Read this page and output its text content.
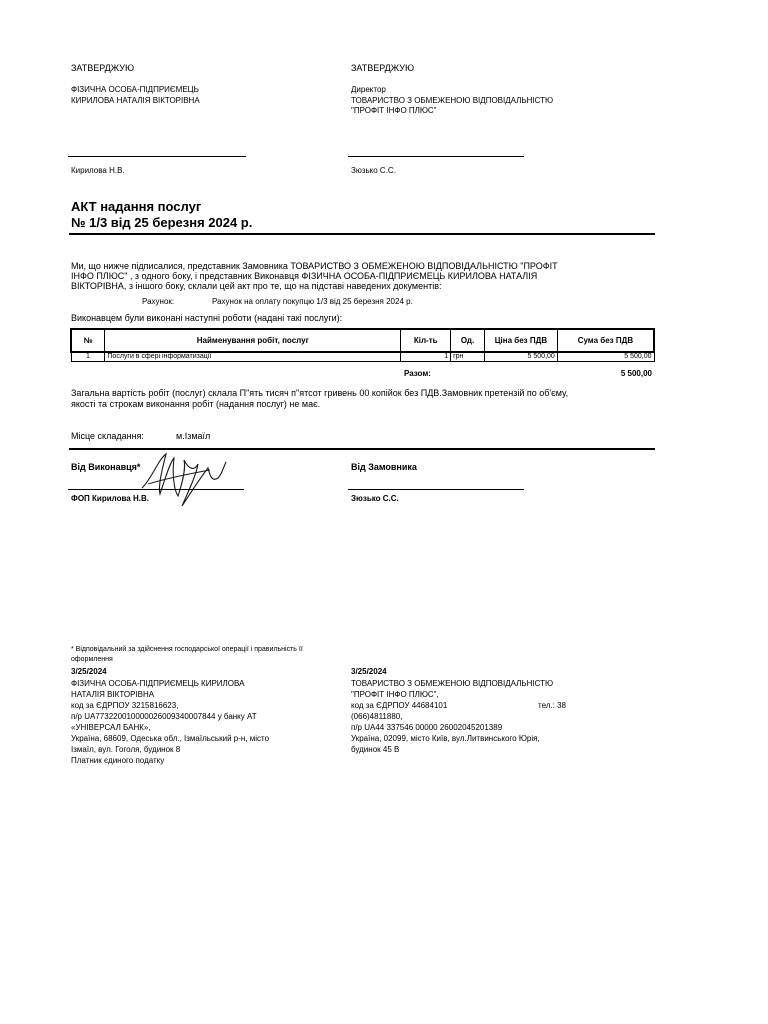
ЗАТВЕРДЖУЮ
ФІЗИЧНА ОСОБА-ПІДПРИЄМЕЦЬ
КИРИЛОВА НАТАЛІЯ ВІКТОРІВНА
Кирилова Н.В.
ЗАТВЕРДЖУЮ
Директор
ТОВАРИСТВО З ОБМЕЖЕНОЮ ВІДПОВІДАЛЬНІСТЮ
"ПРОФІТ ІНФО ПЛЮС"
Зюзько С.С.
АКТ надання послуг
№ 1/3 від 25 березня 2024 р.
Ми, що нижче підписалися, представник Замовника ТОВАРИСТВО З ОБМЕЖЕНОЮ ВІДПОВІДАЛЬНІСТЮ "ПРОФІТ
ІНФО ПЛЮС" , з одного боку, і представник Виконавця ФІЗИЧНА ОСОБА-ПІДПРИЄМЕЦЬ КИРИЛОВА НАТАЛІЯ
ВІКТОРІВНА, з іншого боку, склали цей акт про те, що на підставі наведених документів:
Рахунок:	Рахунок на оплату покупцю 1/3 від 25 березня 2024 р.
Виконавцем були виконані наступні роботи (надані такі послуги):
№	Найменування робіт, послуг	Кіл-ть	Од.	Ціна без ПДВ	Сума без ПДВ
1	Послуги в сфері інформатизації	1	грн	5 500,00	5 500,00
Разом:	5 500,00
Загальна вартість робіт (послуг) склала П"ять тисяч п"ятсот гривень 00 копійок без ПДВ.Замовник претензій по об'єму,
якості та строкам виконання робіт (надання послуг) не має.
Місце складання:	м.Ізмаїл
Від Виконавця*
ФОП Кирилова Н.В.
Від Замовника
Зюзько С.С.
* Відповідальний за здійснення господарської операції і правильність її
оформлення
3/25/2024
ФІЗИЧНА ОСОБА-ПІДПРИЄМЕЦЬ КИРИЛОВА
НАТАЛІЯ ВІКТОРІВНА
код за ЄДРПОУ 3215816623,
п/р UA773220010000026009340007844 у банку АТ
«УНІВЕРСАЛ БАНК»,
Україна, 68609, Одеська обл., Ізмаїльський р-н, місто
Ізмаїл, вул. Гоголя, будинок 8
Платник єдиного податку
3/25/2024
ТОВАРИСТВО З ОБМЕЖЕНОЮ ВІДПОВІДАЛЬНІСТЮ
"ПРОФІТ ІНФО ПЛЮС",
код за ЄДРПОУ 44684101	тел.: 38
(066)4811880,
п/р UA44 337546 00000 26002045201389
Україна, 02099, місто Київ, вул.Литвинського Юрія,
будинок 45 В
